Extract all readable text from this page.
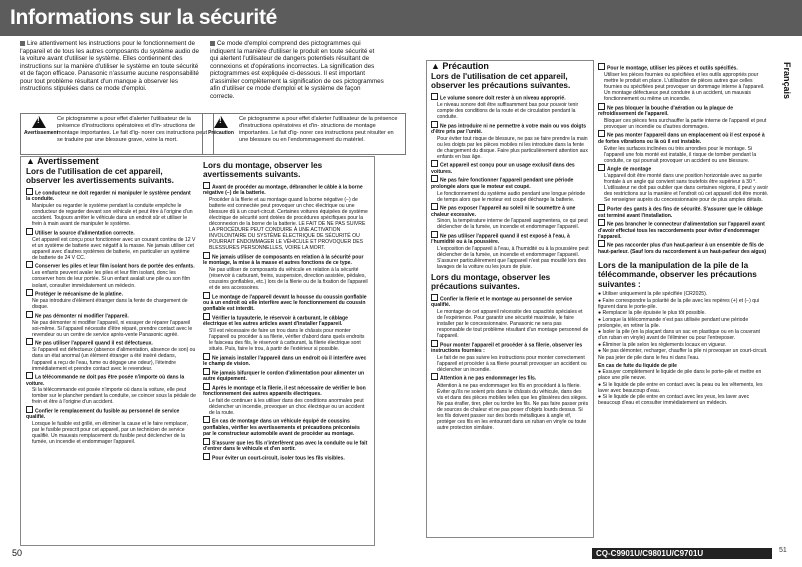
Informations sur la sécurité
Lire attentivement les instructions pour le fonctionnement de l'appareil et de tous les autres composants du système audio de la voiture avant d'utiliser le système. Elles contiennent des instructions sur la manière d'utiliser le système en toute sécurité et de façon efficace. Panasonic n'assume aucune responsabilité pour tout problème résultant d'un manque à observer les instructions stipulées dans ce mode d'emploi.
Ce mode d'emploi comprend des pictogrammes qui indiquent la manière d'utiliser le produit en toute sécurité et qui alertent l'utilisateur de dangers potentiels résultant de connexions et d'opérations incorrectes. La signification des pictogrammes est expliquée ci-dessous. Il est important d'assimiler complètement la signification de ces pictogrammes afin d'utiliser ce mode d'emploi et le système de façon correcte.
!
Avertissement
Ce pictogramme a pour effet d'alerter l'utilisateur de la présence d'instructions opératoires et d'in- structions de montage importantes. Le fait d'ig- norer ces instructions peut se traduire par une blessure grave, voire la mort.
!
Précaution
Ce pictogramme a pour effet d'alerter l'utilisateur de la présence d'instructions opératoires et d'in- structions de montage importantes. Le fait d'ig- norer ces instructions peut résulter en une blessure ou en l'endommagement du matériel.
▲ Avertissement
Lors de l'utilisation de cet appareil, observer les avertissements suivants.

Le conducteur ne doit regarder ni manipuler le système pendant la conduite.

Manipuler ou regarder le système pendant la conduite empêche le conducteur de regarder devant son véhicule et peut être à l'origine d'un accident. Toujours arrêter le véhicule dans un endroit sûr et utiliser le frein à main avant de manipuler le système.

Utiliser la source d'alimentation correcte.

Cet appareil est conçu pour fonctionner avec un courant continu de 12 V et un système de batterie avec négatif à la masse. Ne jamais utiliser cet appareil avec d'autres systèmes de batterie, en particulier un système de batterie de 24 V CC.

Conserver les piles et leur film isolant hors de portée des enfants.

Les enfants peuvent avaler les piles et leur film isolant, donc les conserver hors de leur portée. Si un enfant avalait une pile ou son film isolant, consulter immédiatement un médecin.

Protéger le mécanisme de la platine.

Ne pas introduire d'élément étranger dans la fente de chargement de disque.

Ne pas démonter ni modifier l'appareil.

Ne pas démonter ni modifier l'appareil, ni essayer de réparer l'appareil soi-même. Si l'appareil nécessite d'être réparé, prendre contact avec le revendeur ou un centre de service après-vente Panasonic agréé.

Ne pas utiliser l'appareil quand il est défectueux.

Si l'appareil est défectueux (absence d'alimentation, absence de son) ou dans un état anormal (un élément étranger a été inséré dedans, l'appareil a reçu de l'eau, fume ou dégage une odeur), l'éteindre immédiatement et prendre contact avec le revendeur.

La télécommande ne doit pas être posée n'importe où dans la voiture.

Si la télécommande est posée n'importe où dans la voiture, elle peut tomber sur le plancher pendant la conduite, se coincer sous la pédale de frein et être à l'origine d'un accident.

Confier le remplacement du fusible au personnel de service qualifié.

Lorsque le fusible est grillé, en éliminer la cause et le faire remplacer, par le fusible prescrit pour cet appareil, par un technicien de service qualifié. Un mauvais remplacement du fusible peut déclencher de la fumée, un incendie et endommager l'appareil.

Lors du montage, observer les avertissements suivants.

Avant de procéder au montage, débrancher le câble à la borne négative (−) de la batterie.

Procéder à la filerie et au montage quand la borne négative (−) de batterie est connectée peut provoquer un choc électrique ou une blessure dû à un court-circuit. Certaines voitures équipées de système électrique de sécurité sont dotées de procédures spécifiques pour la déconnexion de la borne de la batterie. LE FAIT DE NE PAS SUIVRE LA PROCÉDURE PEUT CONDUIRE À UNE ACTIVATION INVOLONTAIRE DU SYSTÈME ÉLECTRIQUE DE SÉCURITÉ OU POURRAIT ENDOMMAGER LE VÉHICULE ET PROVOQUER DES BLESSURES PERSONNELLES, VOIRE LA MORT.

Ne jamais utiliser de composants en relation à la sécurité pour le montage, la mise à la masse et autres fonctions de ce type.

Ne pas utiliser de composants du véhicule en relation à la sécurité (réservoir à carburant, freins, suspension, direction assistée, pédales, coussins gonflables, etc.) lors de la filerie ou de la fixation de l'appareil et de ses accessoires.

Le montage de l'appareil devant la housse du coussin gonflable ou à un endroit où elle interfère avec le fonctionnement du coussin gonflable est interdit.

Vérifier la tuyauterie, le réservoir à carburant, le câblage électrique et les autres articles avant d'installer l'appareil.

S'il est nécessaire de faire un trou dans le châssis pour monter l'appareil ou procéder à sa filerie, vérifier d'abord dans quels endroits le faisceau des fils, le réservoir à carburant, la filerie électrique sont situés. Puis, faire le trou, à partir de l'extérieur si possible.

Ne jamais installer l'appareil dans un endroit où il interfère avec le champ de vision.

Ne jamais bifurquer le cordon d'alimentation pour alimenter un autre équipement.

Après le montage et la filerie, il est nécessaire de vérifier le bon fonctionnement des autres appareils électriques.

Le fait de continuer à les utiliser dans des conditions anormales peut déclencher un incendie, provoquer un choc électrique ou un accident de la route.

En cas de montage dans un véhicule équipé de coussins gonflables, vérifier les avertissements et précautions préconisés par le constructeur automobile avant de procéder au montage.

S'assurer que les fils n'interfèrent pas avec la conduite ou le fait d'entrer dans le véhicule et d'en sortir.

Pour éviter un court-circuit, isoler tous les fils visibles.

▲ Précaution
Lors de l'utilisation de cet appareil, observer les précautions suivantes.

Le volume sonore doit rester à un niveau approprié.

Le niveau sonore doit être suffisamment bas pour pouvoir tenir compte des conditions de la route et de circulation pendant la conduite.

Ne pas introduire ni ne permettre à votre main ou vos doigts d'être pris par l'unité.

Pour éviter tout risque de blessure, ne pas se faire prendre la main ou les doigts par les pièces mobiles ni les introduire dans la fente de chargement du disque. Faire plus particulièrement attention aux enfants en bas âge.

Cet appareil est conçu pour un usage exclusif dans des voitures.

Ne pas faire fonctionner l'appareil pendant une période prolongée alors que le moteur est coupé.

Le fonctionnement du système audio pendant une longue période de temps alors que le moteur est coupé décharge la batterie.

Ne pas exposer l'appareil au soleil ni le soumettre à une chaleur excessive.

Sinon, la température interne de l'appareil augmentera, ce qui peut déclencher de la fumée, un incendie et endommager l'appareil.

Ne pas utiliser l'appareil quand il est exposé à l'eau, à l'humidité ou à la poussière.

L'exposition de l'appareil à l'eau, à l'humidité ou à la poussière peut déclencher de la fumée, un incendie et endommager l'appareil. S'assurer particulièrement que l'appareil n'est pas mouillé lors des lavages de la voiture ou les jours de pluie.

Lors du montage, observer les précautions suivantes.

Confier la filerie et le montage au personnel de service qualifié.

Le montage de cet appareil nécessite des capacités spéciales et de l'expérience. Pour garantir une sécurité maximale, le faire installer par le concessionnaire. Panasonic ne sera pas responsable de tout problème résultant d'un montage personnel de l'appareil.

Pour monter l'appareil et procéder à sa filerie, observer les instructions fournies :

Le fait de ne pas suivre les instructions pour monter correctement l'appareil et procéder à sa filerie pourrait provoquer un accident ou déclencher un incendie.

Attention à ne pas endommager les fils.

Attention à ne pas endommager les fils en procédant à la filerie. Éviter qu'ils ne soient pris dans le châssis du véhicule, dans des vis et dans des pièces mobiles telles que les glissières des sièges. Ne pas érafler, tirer, plier ou tordre les fils. Ne pas faire passer près de sources de chaleur et ne pas poser d'objets lourds dessus. Si les fils doivent passer sur des bords métalliques à angle vif, protéger ces fils en les entourant dans un ruban en vinyle ou toute autre protection similaire.

Pour le montage, utiliser les pièces et outils spécifiés.

Utiliser les pièces fournies ou spécifiées et les outils appropriés pour mettre le produit en place. L'utilisation de pièces autres que celles fournies ou spécifiées peut provoquer un dommage interne à l'appareil. Un montage défectueux peut conduire à un accident, un mauvais fonctionnement ou même un incendie.

Ne pas bloquer la bouche d'aération ou la plaque de refroidissement de l'appareil.

Bloquer ces pièces fera surchauffer la partie interne de l'appareil et peut provoquer un incendie ou d'autres dommages.

Ne pas monter l'appareil dans un emplacement où il est exposé à de fortes vibrations ou là où il est instable.

Éviter les surfaces inclinées ou très arrondies pour le montage. Si l'appareil une fois monté est instable, il risque de tomber pendant la conduite, ce qui pourrait provoquer un accident ou une blessure.

Angle de montage

L'appareil doit être monté dans une position horizontale avec sa partie frontale à un angle qui convient sans toutefois être supérieur à 30 °. L'utilisateur ne doit pas oublier que dans certaines régions, il peut y avoir des restrictions sur la manière et l'endroit où cet appareil doit être monté. Se renseigner auprès du concessionnaire pour de plus amples détails.

Porter des gants à des fins de sécurité. S'assurer que le câblage est terminé avant l'installation.

Ne pas brancher le connecteur d'alimentation sur l'appareil avant d'avoir effectué tous les raccordements pour éviter d'endommager l'appareil.

Ne pas raccorder plus d'un haut-parleur à un ensemble de fils de haut-parleur. (Sauf lors du raccordement à un haut-parleur des aigus)

Lors de la manipulation de la pile de la télécommande, observer les précautions suivantes :

● Utiliser uniquement la pile spécifiée (CR2025).

● Faire correspondre la polarité de la pile avec les repères (+) et (−) qui figurent dans le porte-pile.

● Remplacer la pile épuisée le plus tôt possible.

● Lorsque la télécommande n'est pas utilisée pendant une période prolongée, en retirer la pile.

● Isoler la pile (en la plaçant dans un sac en plastique ou en la couvrant d'un ruban en vinyle) avant de l'éliminer ou pour l'entreposer.

● Éliminer la pile selon les règlements locaux en vigueur.

● Ne pas démonter, recharger, chauffer la pile ni provoquer un court-circuit. Ne pas jeter de pile dans le feu ni dans l'eau.

En cas de fuite du liquide de pile

● Essuyer complètement le liquide de pile dans le porte-pile et mettre en place une pile neuve.

● Si le liquide de pile entre en contact avec la peau ou les vêtements, les laver avec beaucoup d'eau.

● Si le liquide de pile entre en contact avec les yeux, les laver avec beaucoup d'eau et consulter immédiatement un médecin.

Français
50	CQ-C9901U/C9801U/C9701U	51
